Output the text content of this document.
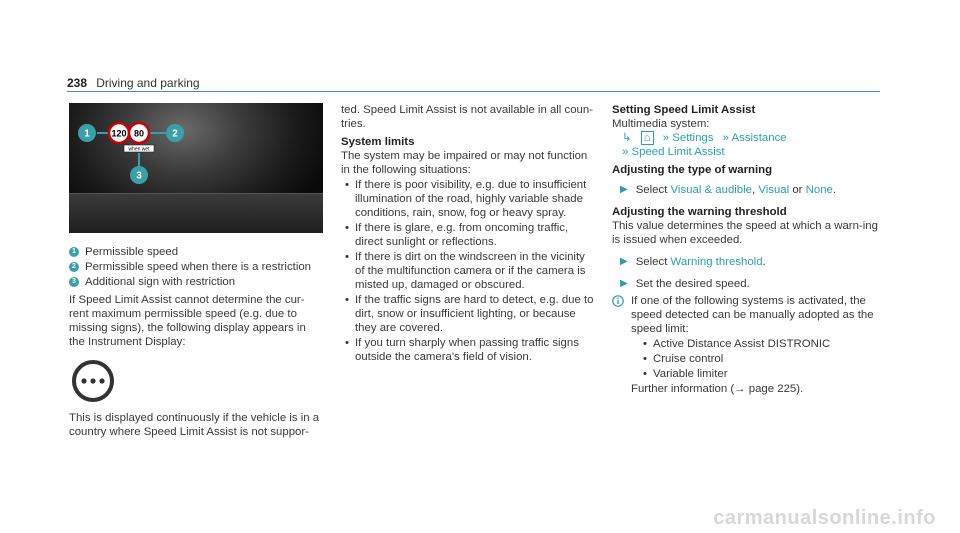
238 Driving and parking
120 80
when wet
1	2
3
1 Permissible speed
2 Permissible speed when there is a restriction
3 Additional sign with restriction

If Speed Limit Assist cannot determine the cur-rent maximum permissible speed (e.g. due to missing signs), the following display appears in the Instrument Display:

This is displayed continuously if the vehicle is in a country where Speed Limit Assist is not suppor-

ted. Speed Limit Assist is not available in all coun-tries.

System limits

The system may be impaired or may not function in the following situations:

• If there is poor visibility, e.g. due to insufficient illumination of the road, highly variable shade conditions, rain, snow, fog or heavy spray.
• If there is glare, e.g. from oncoming traffic, direct sunlight or reflections.
• If there is dirt on the windscreen in the vicinity of the multifunction camera or if the camera is misted up, damaged or obscured.
• If the traffic signs are hard to detect, e.g. due to dirt, snow or insufficient lighting, or because they are covered.
• If you turn sharply when passing traffic signs outside the camera's field of vision.

Setting Speed Limit Assist

Multimedia system:

↳ ⌂ » Settings » Assistance

» Speed Limit Assist

Adjusting the type of warning

▶ Select Visual & audible, Visual or None.

Adjusting the warning threshold

This value determines the speed at which a warn-ing is issued when exceeded.

▶ Select Warning threshold.
▶ Set the desired speed.

If one of the following systems is activated, the speed detected can be manually adopted as the speed limit:

• Active Distance Assist DISTRONIC
• Cruise control
• Variable limiter

Further information (→ page 225).

carmanualsonline.info
